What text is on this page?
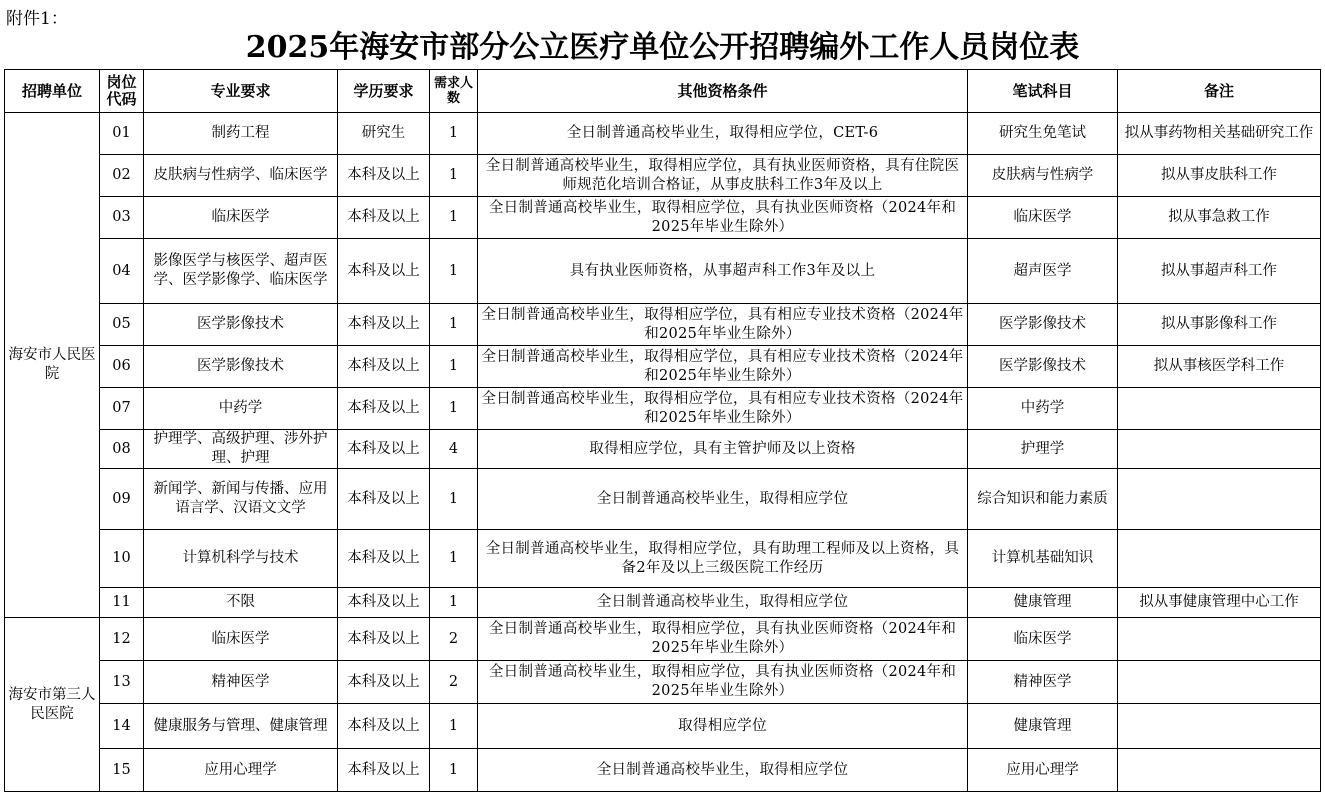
附件1：
2025年海安市部分公立医疗单位公开招聘编外工作人员岗位表
招聘单位	岗位代码	专业要求	学历要求	需求人数	其他资格条件	笔试科目	备注
海安市人民医院	01	制药工程	研究生	1	全日制普通高校毕业生，取得相应学位，CET-6	研究生免笔试	拟从事药物相关基础研究工作
	02	皮肤病与性病学、临床医学	本科及以上	1	全日制普通高校毕业生，取得相应学位，具有执业医师资格，具有住院医师规范化培训合格证，从事皮肤科工作3年及以上	皮肤病与性病学	拟从事皮肤科工作
	03	临床医学	本科及以上	1	全日制普通高校毕业生，取得相应学位，具有执业医师资格（2024年和2025年毕业生除外）	临床医学	拟从事急救工作
	04	影像医学与核医学、超声医学、医学影像学、临床医学	本科及以上	1	具有执业医师资格，从事超声科工作3年及以上	超声医学	拟从事超声科工作
	05	医学影像技术	本科及以上	1	全日制普通高校毕业生，取得相应学位，具有相应专业技术资格（2024年和2025年毕业生除外）	医学影像技术	拟从事影像科工作
	06	医学影像技术	本科及以上	1	全日制普通高校毕业生，取得相应学位，具有相应专业技术资格（2024年和2025年毕业生除外）	医学影像技术	拟从事核医学科工作
	07	中药学	本科及以上	1	全日制普通高校毕业生，取得相应学位，具有相应专业技术资格（2024年和2025年毕业生除外）	中药学	
	08	护理学、高级护理、涉外护理、护理	本科及以上	4	取得相应学位，具有主管护师及以上资格	护理学	
	09	新闻学、新闻与传播、应用语言学、汉语文文学	本科及以上	1	全日制普通高校毕业生，取得相应学位	综合知识和能力素质	
	10	计算机科学与技术	本科及以上	1	全日制普通高校毕业生，取得相应学位，具有助理工程师及以上资格，具备2年及以上三级医院工作经历	计算机基础知识	
	11	不限	本科及以上	1	全日制普通高校毕业生，取得相应学位	健康管理	拟从事健康管理中心工作
海安市第三人民医院	12	临床医学	本科及以上	2	全日制普通高校毕业生，取得相应学位，具有执业医师资格（2024年和2025年毕业生除外）	临床医学	
	13	精神医学	本科及以上	2	全日制普通高校毕业生，取得相应学位，具有执业医师资格（2024年和2025年毕业生除外）	精神医学	
	14	健康服务与管理、健康管理	本科及以上	1	取得相应学位	健康管理	
	15	应用心理学	本科及以上	1	全日制普通高校毕业生，取得相应学位	应用心理学	
